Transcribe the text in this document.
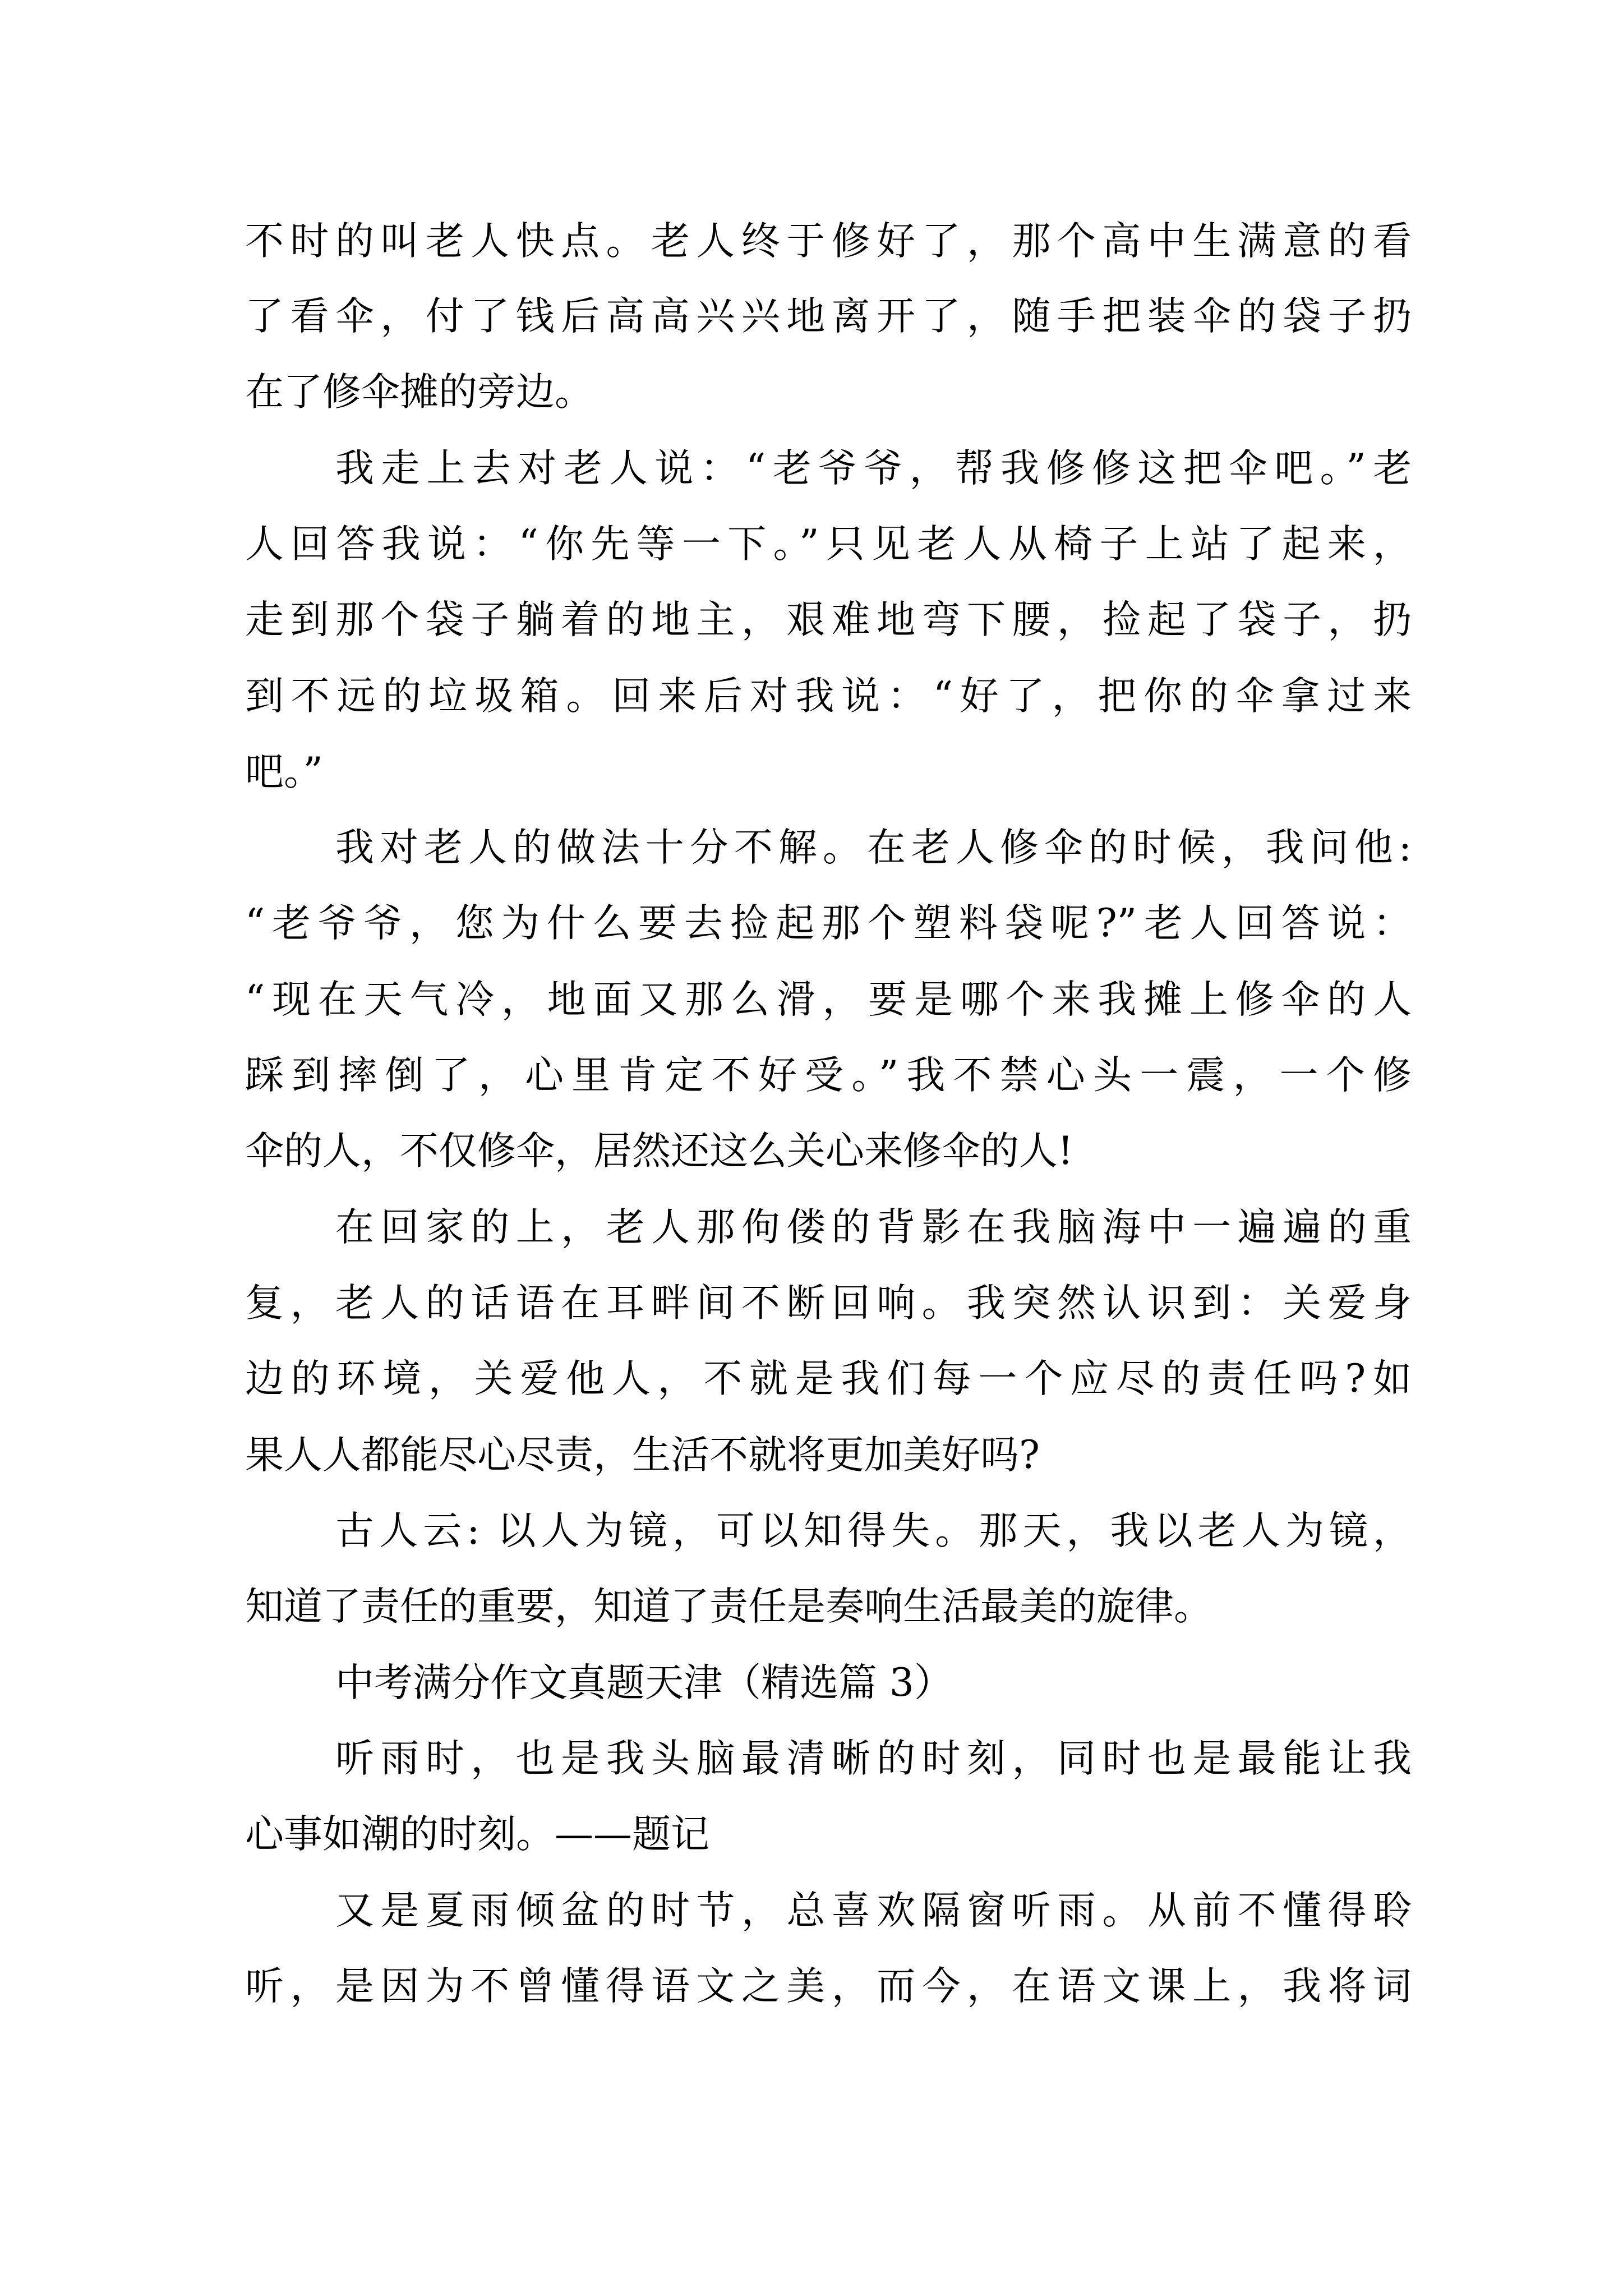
不时的叫老人快点。老人终于修好了，那个高中生满意的看
了看伞，付了钱后高高兴兴地离开了，随手把装伞的袋子扔
在了修伞摊的旁边。
我走上去对老人说：“老爷爷，帮我修修这把伞吧。”老
人回答我说：“你先等一下。”只见老人从椅子上站了起来，
走到那个袋子躺着的地主，艰难地弯下腰，捡起了袋子，扔
到不远的垃圾箱。回来后对我说：“好了，把你的伞拿过来
吧。”
我对老人的做法十分不解。在老人修伞的时候，我问他:
“老爷爷，您为什么要去捡起那个塑料袋呢?”老人回答说：
“现在天气冷，地面又那么滑，要是哪个来我摊上修伞的人
踩到摔倒了，心里肯定不好受。”我不禁心头一震，一个修
伞的人，不仅修伞，居然还这么关心来修伞的人!
在回家的上，老人那佝偻的背影在我脑海中一遍遍的重
复，老人的话语在耳畔间不断回响。我突然认识到：关爱身
边的环境，关爱他人，不就是我们每一个应尽的责任吗?如
果人人都能尽心尽责，生活不就将更加美好吗?
古人云: 以人为镜，可以知得失。那天，我以老人为镜，
知道了责任的重要，知道了责任是奏响生活最美的旋律。
中考满分作文真题天津（精选篇 3）
听雨时，也是我头脑最清晰的时刻，同时也是最能让我
心事如潮的时刻。——题记
又是夏雨倾盆的时节，总喜欢隔窗听雨。从前不懂得聆
听，是因为不曾懂得语文之美，而今，在语文课上，我将词
